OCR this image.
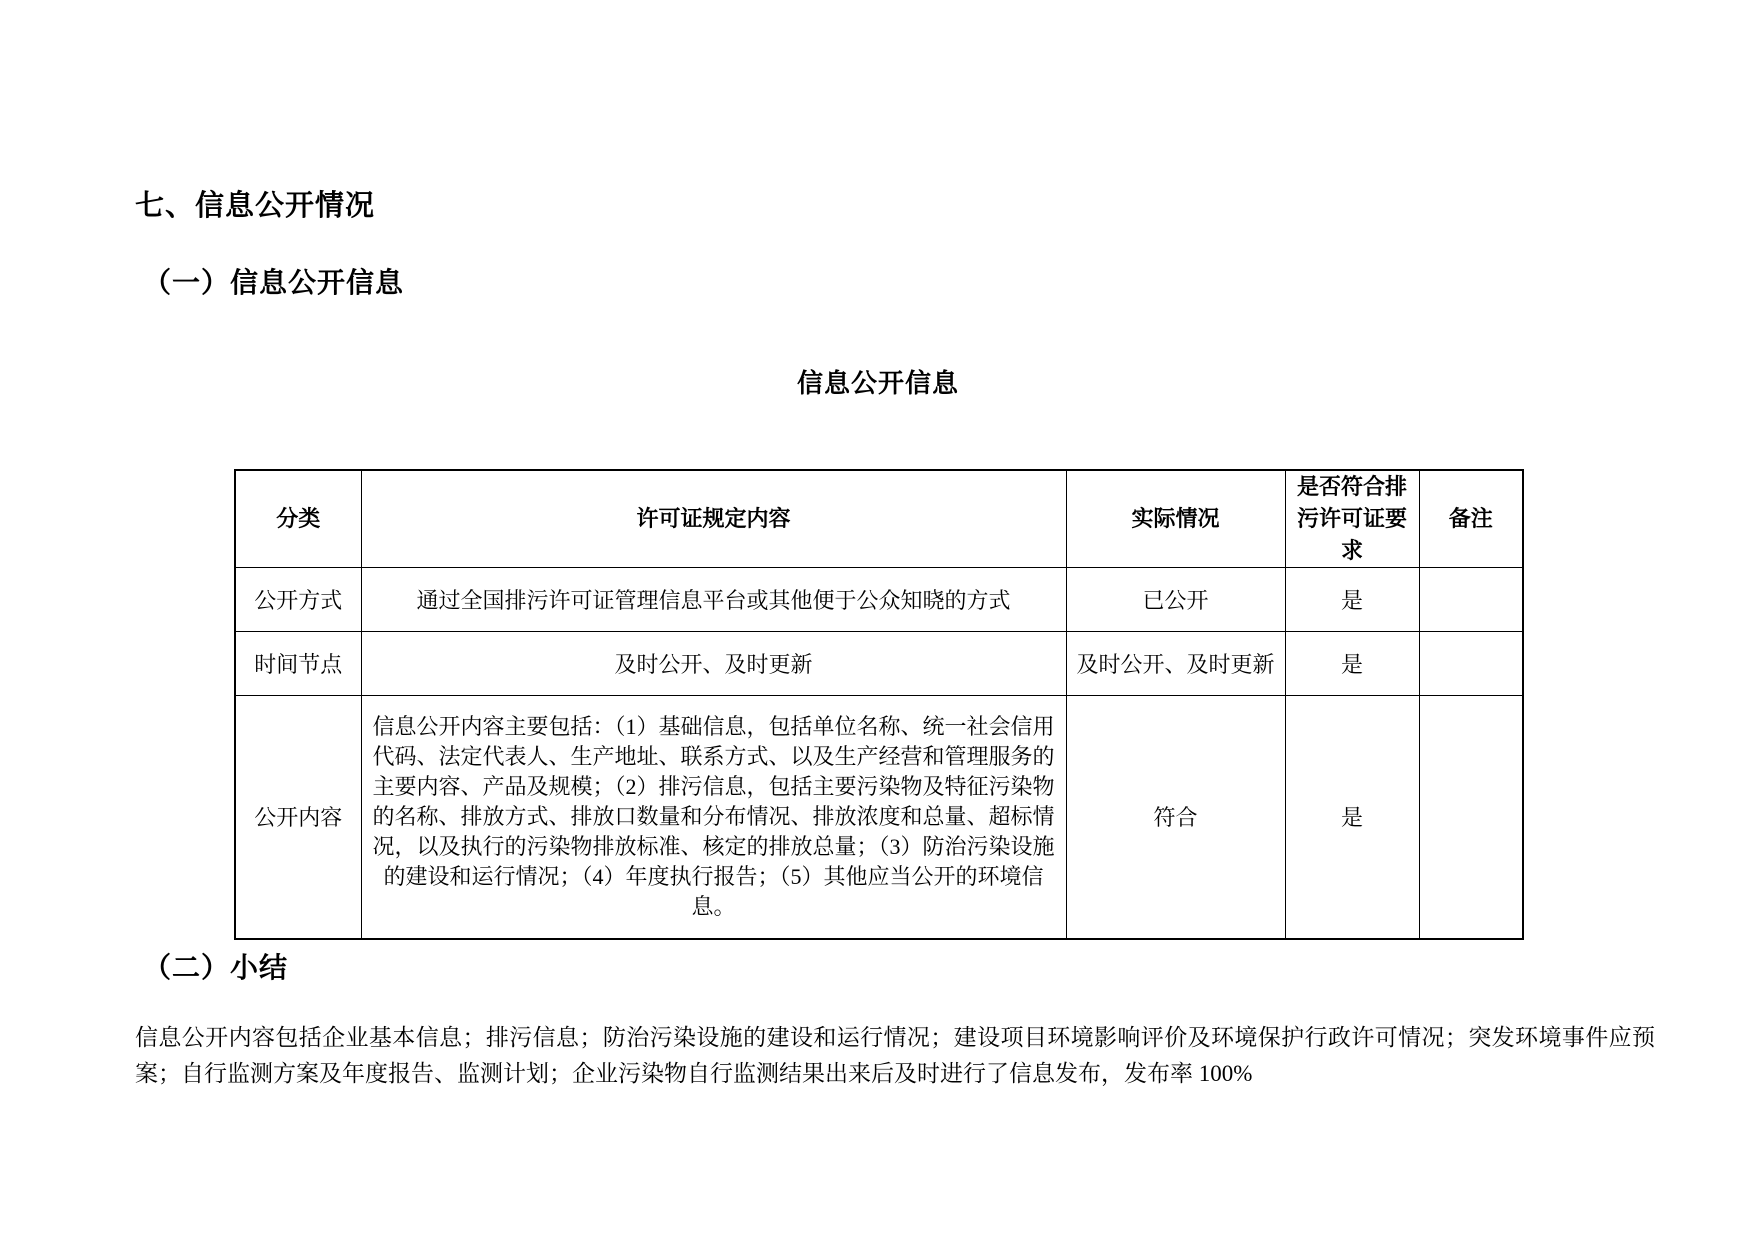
七、信息公开情况
（一）信息公开信息
信息公开信息
分类	许可证规定内容	实际情况	是否符合排污许可证要求	备注
公开方式	通过全国排污许可证管理信息平台或其他便于公众知晓的方式	已公开	是	
时间节点	及时公开、及时更新	及时公开、及时更新	是	
公开内容	信息公开内容主要包括：（1）基础信息，包括单位名称、统一社会信用代码、法定代表人、生产地址、联系方式、以及生产经营和管理服务的主要内容、产品及规模；（2）排污信息，包括主要污染物及特征污染物的名称、排放方式、排放口数量和分布情况、排放浓度和总量、超标情况，以及执行的污染物排放标准、核定的排放总量；（3）防治污染设施的建设和运行情况；（4）年度执行报告；（5）其他应当公开的环境信息。	符合	是	
（二）小结
信息公开内容包括企业基本信息；排污信息；防治污染设施的建设和运行情况；建设项目环境影响评价及环境保护行政许可情况；突发环境事件应预案；自行监测方案及年度报告、监测计划；企业污染物自行监测结果出来后及时进行了信息发布，发布率 100%
